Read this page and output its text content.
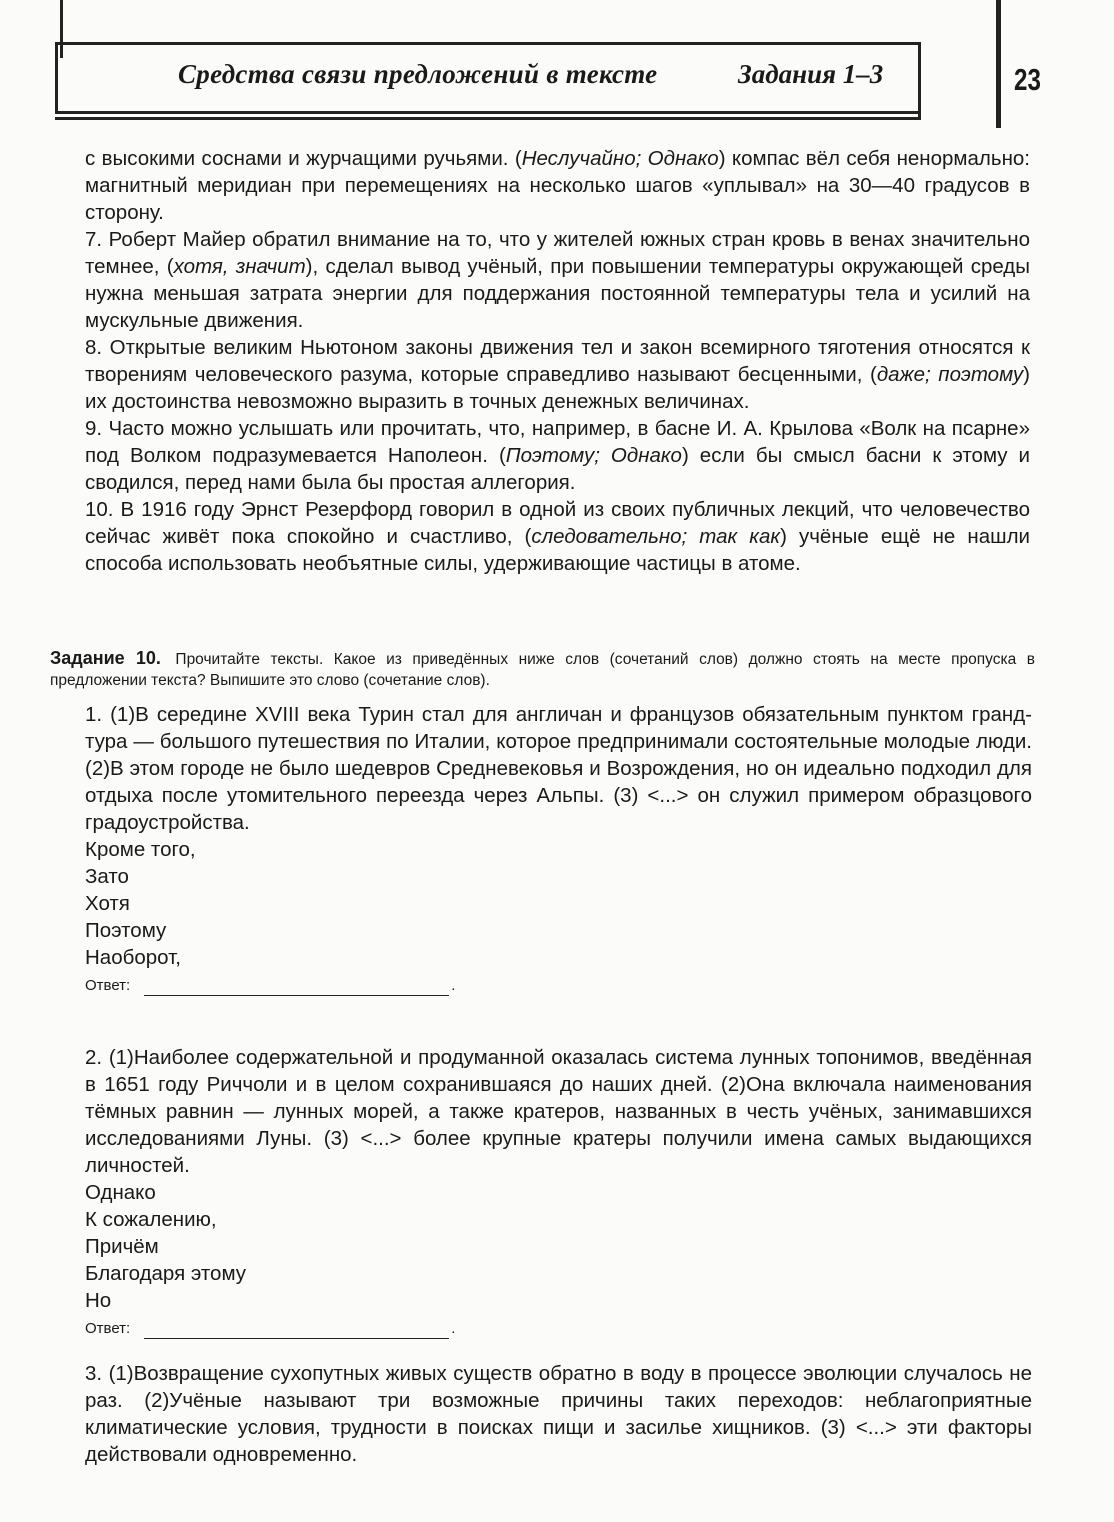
Средства связи предложений в тексте	Задания 1–3	23

с высокими соснами и журчащими ручьями. (Неслучайно; Однако) компас вёл себя ненормально: магнитный меридиан при перемещениях на несколько шагов «уплывал» на 30—40 градусов в сторону.

7. Роберт Майер обратил внимание на то, что у жителей южных стран кровь в венах значительно темнее, (хотя, значит), сделал вывод учёный, при повышении температуры окружающей среды нужна меньшая затрата энергии для поддержания постоянной температуры тела и усилий на мускульные движения.

8. Открытые великим Ньютоном законы движения тел и закон всемирного тяготения относятся к творениям человеческого разума, которые справедливо называют бесценными, (даже; поэтому) их достоинства невозможно выразить в точных денежных величинах.

9. Часто можно услышать или прочитать, что, например, в басне И. А. Крылова «Волк на псарне» под Волком подразумевается Наполеон. (Поэтому; Однако) если бы смысл басни к этому и сводился, перед нами была бы простая аллегория.

10. В 1916 году Эрнст Резерфорд говорил в одной из своих публичных лекций, что человечество сейчас живёт пока спокойно и счастливо, (следовательно; так как) учёные ещё не нашли способа использовать необъятные силы, удерживающие частицы в атоме.

Задание 10. Прочитайте тексты. Какое из приведённых ниже слов (сочетаний слов) должно стоять на месте пропуска в предложении текста? Выпишите это слово (сочетание слов).

1. (1)В середине XVIII века Турин стал для англичан и французов обязательным пунктом гранд-тура — большого путешествия по Италии, которое предпринимали состоятельные молодые люди. (2)В этом городе не было шедевров Средневековья и Возрождения, но он идеально подходил для отдыха после утомительного переезда через Альпы. (3) <...> он служил примером образцового градоустройства.

Кроме того,
Зато
Хотя
Поэтому
Наоборот,
Ответ:	.

2. (1)Наиболее содержательной и продуманной оказалась система лунных топонимов, введённая в 1651 году Риччоли и в целом сохранившаяся до наших дней. (2)Она включала наименования тёмных равнин — лунных морей, а также кратеров, названных в честь учёных, занимавшихся исследованиями Луны. (3) <...> более крупные кратеры получили имена самых выдающихся личностей.

Однако
К сожалению,
Причём
Благодаря этому
Но
Ответ:	.

3. (1)Возвращение сухопутных живых существ обратно в воду в процессе эволюции случалось не раз. (2)Учёные называют три возможные причины таких переходов: неблагоприятные климатические условия, трудности в поисках пищи и засилье хищников. (3) <...> эти факторы действовали одновременно.
